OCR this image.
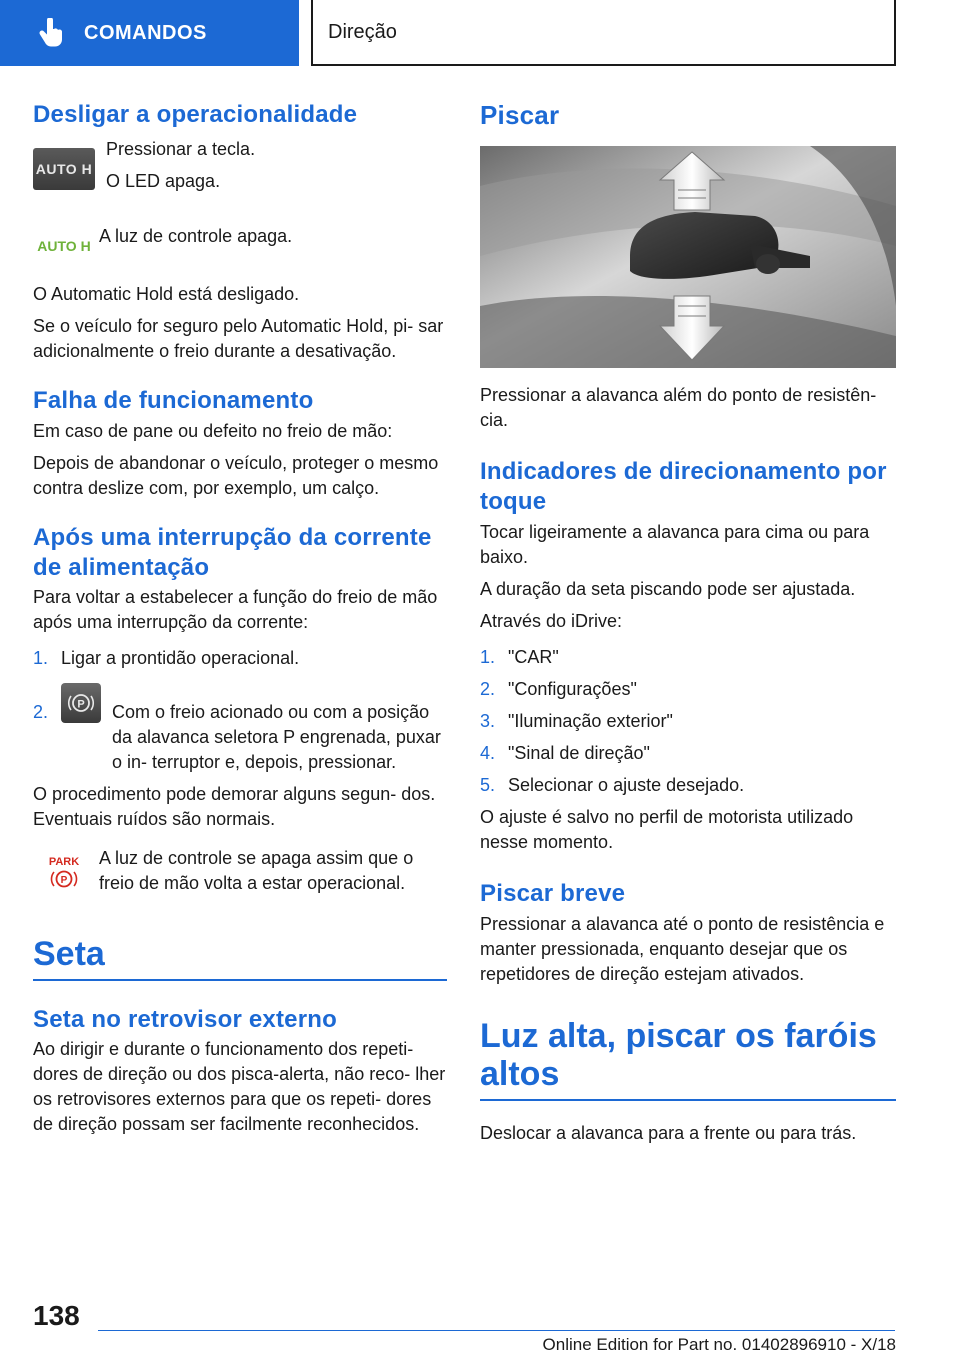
COMANDOS	Direção
Desligar a operacionalidade
AUTO H

Pressionar a tecla.

O LED apaga.

AUTO H A luz de controle apaga.

O Automatic Hold está desligado.

Se o veículo for seguro pelo Automatic Hold, pi- sar adicionalmente o freio durante a desativação.

Falha de funcionamento

Em caso de pane ou defeito no freio de mão:

Depois de abandonar o veículo, proteger o mesmo contra deslize com, por exemplo, um calço.

Após uma interrupção da corrente de alimentação

Para voltar a estabelecer a função do freio de mão após uma interrupção da corrente:

1. Ligar a prontidão operacional.
2.	P Com o freio acionado ou com a posição da alavanca seletora P engrenada, puxar o in- terruptor e, depois, pressionar.

O procedimento pode demorar alguns segun- dos. Eventuais ruídos são normais.

PARK
P

A luz de controle se apaga assim que o freio de mão volta a estar operacional.

Seta
Seta no retrovisor externo

Ao dirigir e durante o funcionamento dos repeti- dores de direção ou dos pisca-alerta, não reco- lher os retrovisores externos para que os repeti- dores de direção possam ser facilmente reconhecidos.

Piscar

Pressionar a alavanca além do ponto de resistên- cia.

Indicadores de direcionamento por toque

Tocar ligeiramente a alavanca para cima ou para baixo.

A duração da seta piscando pode ser ajustada.

Através do iDrive:

1. "CAR"
2. "Configurações"
3. "Iluminação exterior"
4. "Sinal de direção"
5. Selecionar o ajuste desejado.

O ajuste é salvo no perfil de motorista utilizado nesse momento.

Piscar breve

Pressionar a alavanca até o ponto de resistência e manter pressionada, enquanto desejar que os repetidores de direção estejam ativados.

Luz alta, piscar os faróis altos

Deslocar a alavanca para a frente ou para trás.

138
Online Edition for Part no. 01402896910 - X/18
